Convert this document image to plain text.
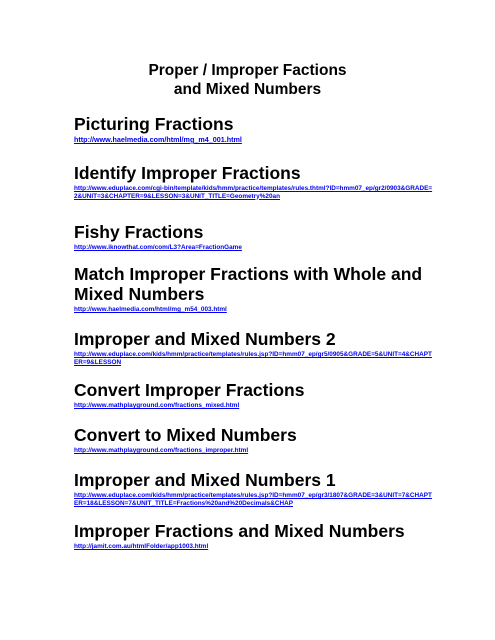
Proper / Improper Factions
and Mixed Numbers
Picturing Fractions
http://www.haelmedia.com/html/mg_m4_001.html
Identify Improper Fractions
http://www.eduplace.com/cgi-bin/template/kids/hmm/practice/templates/rules.thtml?ID=hmm07_ep/gr2/0903&GRADE=2&UNIT=3&CHAPTER=9&LESSON=3&UNIT_TITLE=Geometry%20an
Fishy Fractions
http://www.iknowthat.com/com/L3?Area=FractionGame
Match Improper Fractions with Whole and Mixed Numbers
http://www.haelmedia.com/html/mg_m54_003.html
Improper and Mixed Numbers 2
http://www.eduplace.com/kids/hmm/practice/templates/rules.jsp?ID=hmm07_ep/gr5/0905&GRADE=5&UNIT=4&CHAPTER=9&LESSON
Convert Improper Fractions
http://www.mathplayground.com/fractions_mixed.html
Convert to Mixed Numbers
http://www.mathplayground.com/fractions_improper.html
Improper and Mixed Numbers 1
http://www.eduplace.com/kids/hmm/practice/templates/rules.jsp?ID=hmm07_ep/gr3/1807&GRADE=3&UNIT=7&CHAPTER=18&LESSON=7&UNIT_TITLE=Fractions%20and%20Decimals&CHAP
Improper Fractions and Mixed Numbers
http://jamit.com.au/htmlFolder/app1003.html
